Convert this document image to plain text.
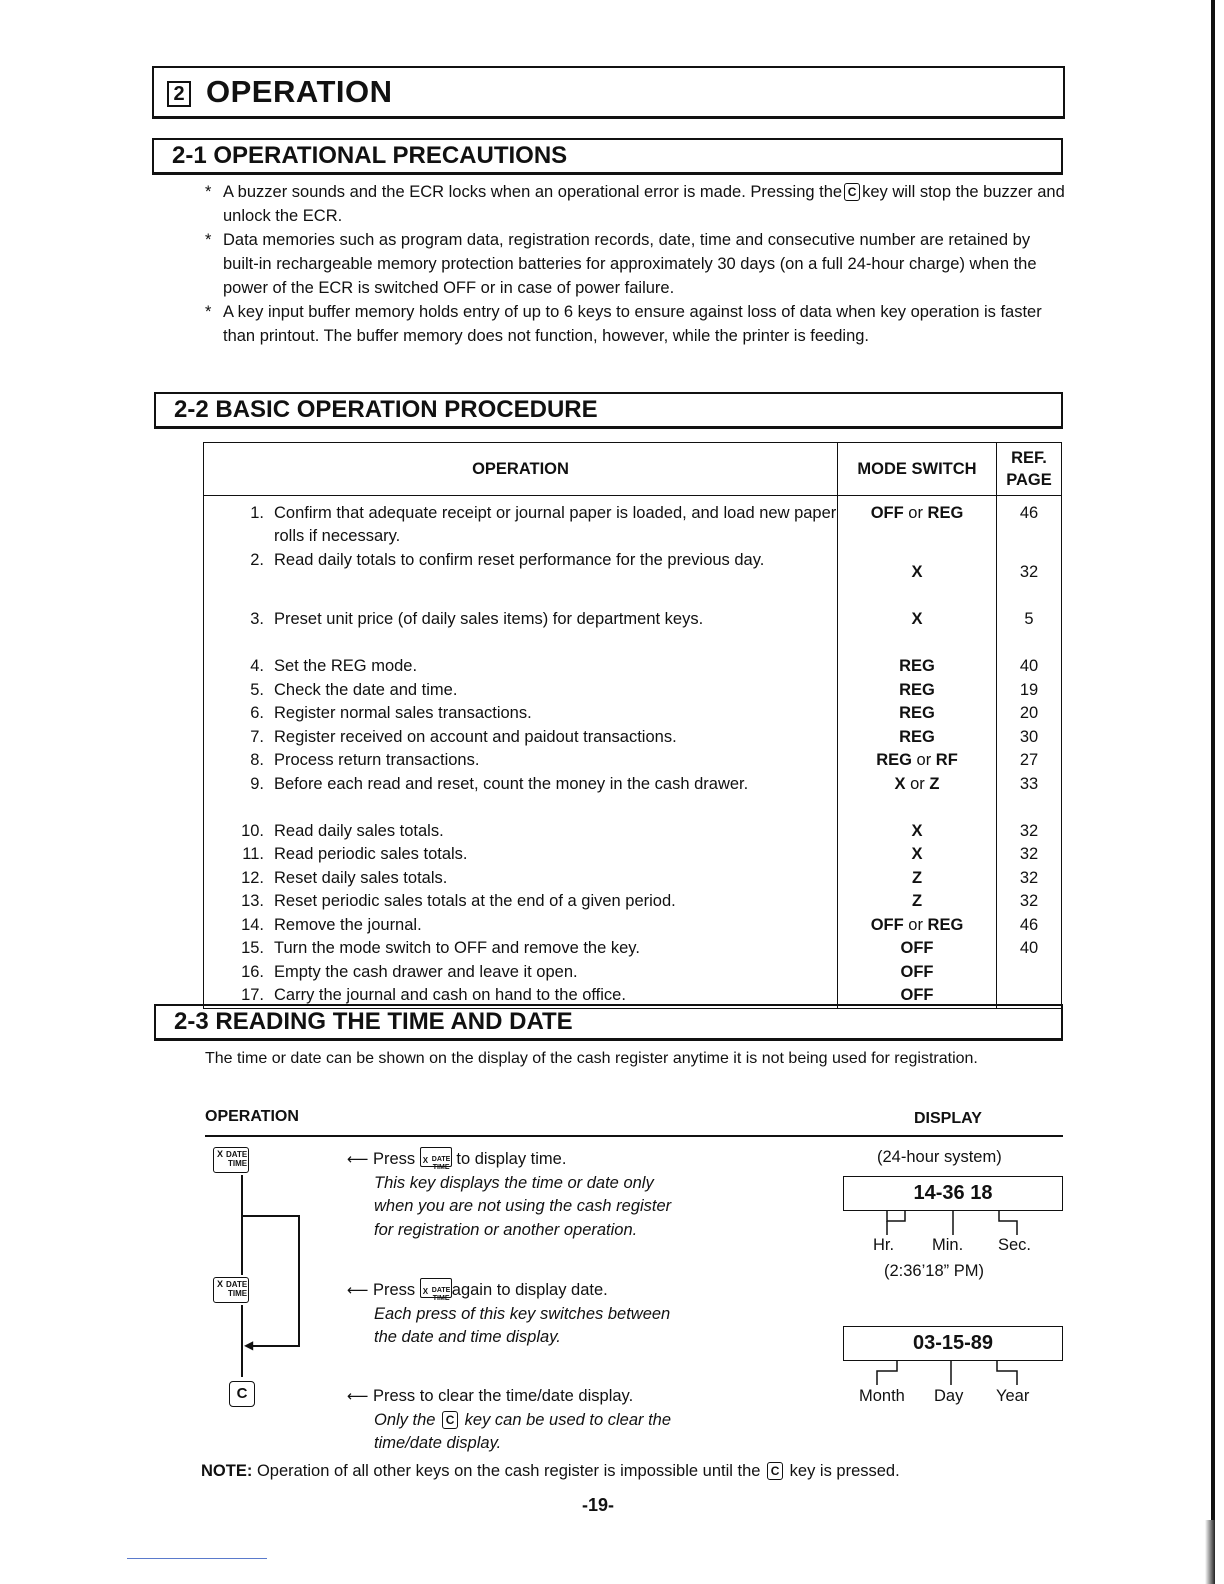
2 OPERATION
2-1 OPERATIONAL PRECAUTIONS
* A buzzer sounds and the ECR locks when an operational error is made. Pressing the C key will stop the buzzer and unlock the ECR.
* Data memories such as program data, registration records, date, time and consecutive number are retained by built-in rechargeable memory protection batteries for approximately 30 days (on a full 24-hour charge) when the power of the ECR is switched OFF or in case of power failure.
* A key input buffer memory holds entry of up to 6 keys to ensure against loss of data when key operation is faster than printout. The buffer memory does not function, however, while the printer is feeding.
2-2 BASIC OPERATION PROCEDURE
OPERATION		MODE SWITCH	REF.
PAGE
1.	Confirm that adequate receipt or journal paper is loaded, and load new paper rolls if necessary.	OFF or REG	46
2.	Read daily totals to confirm reset performance for the previous day.	X	32
3.	Preset unit price (of daily sales items) for department keys.	X	5
4.	Set the REG mode.	REG	40
5.	Check the date and time.	REG	19
6.	Register normal sales transactions.	REG	20
7.	Register received on account and paidout transactions.	REG	30
8.	Process return transactions.	REG or RF	27
9.	Before each read and reset, count the money in the cash drawer.	X or Z	33
10.	Read daily sales totals.	X	32
11.	Read periodic sales totals.	X	32
12.	Reset daily sales totals.	Z	32
13.	Reset periodic sales totals at the end of a given period.	Z	32
14.	Remove the journal.	OFF or REG	46
15.	Turn the mode switch to OFF and remove the key.	OFF	40
16.	Empty the cash drawer and leave it open.	OFF	
17.	Carry the journal and cash on hand to the office.	OFF	
2-3 READING THE TIME AND DATE
The time or date can be shown on the display of the cash register anytime it is not being used for registration.
OPERATION	DISPLAY
X DATE
TIME
X DATE
TIME
◀
C
⟵ Press X DATE
TIME to display time.
This key displays the time or date only when you are not using the cash register for registration or another operation.
⟵ Press X DATE
TIME again to display date.
Each press of this key switches between the date and time display.
⟵ Press to clear the time/date display.
Only the C key can be used to clear the time/date display.
(24-hour system)
14-36 18
Hr. Min. Sec.
(2:36’18” PM)
03-15-89
Month Day Year
NOTE: Operation of all other keys on the cash register is impossible until the C key is pressed.
-19-
